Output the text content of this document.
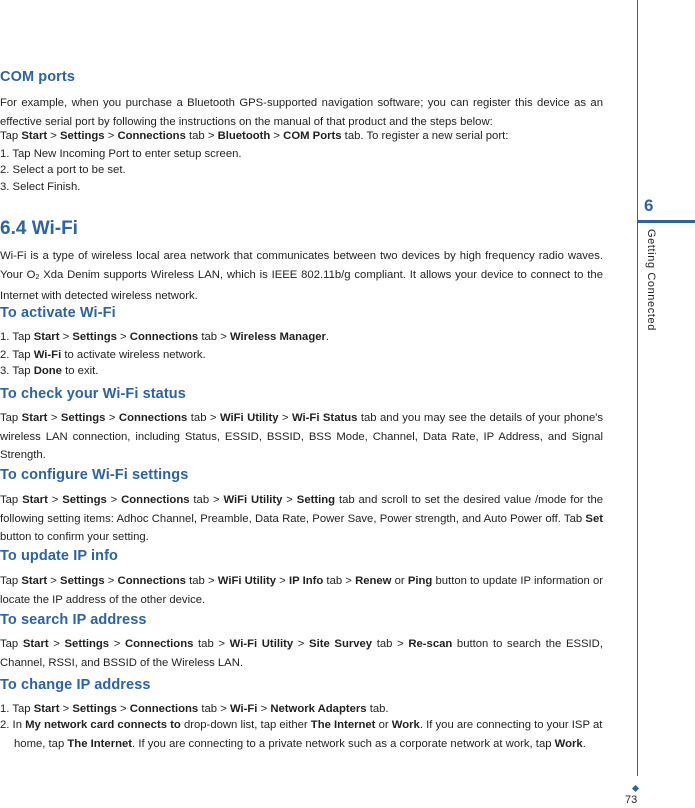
COM ports

For example, when you purchase a Bluetooth GPS-supported navigation software; you can register this device as an effective serial port by following the instructions on the manual of that product and the steps below:

Tap Start > Settings > Connections tab > Bluetooth > COM Ports tab. To register a new serial port:

1. Tap New Incoming Port to enter setup screen.

2. Select a port to be set.

3. Select Finish.

6.4 Wi-Fi

Wi-Fi is a type of wireless local area network that communicates between two devices by high frequency radio waves. Your $O_2$ Xda Denim supports Wireless LAN, which is IEEE 802.11b/g compliant. It allows your device to connect to the Internet with detected wireless network.

To activate Wi-Fi

1. Tap Start > Settings > Connections tab > Wireless Manager.

2. Tap Wi-Fi to activate wireless network.

3. Tap Done to exit.

To check your Wi-Fi status

Tap Start > Settings > Connections tab > WiFi Utility > Wi-Fi Status tab and you may see the details of your phone's wireless LAN connection, including Status, ESSID, BSSID, BSS Mode, Channel, Data Rate, IP Address, and Signal Strength.

To configure Wi-Fi settings

Tap Start > Settings > Connections tab > WiFi Utility > Setting tab and scroll to set the desired value /mode for the following setting items: Adhoc Channel, Preamble, Data Rate, Power Save, Power strength, and Auto Power off. Tab Set button to confirm your setting.

To update IP info

Tap Start > Settings > Connections tab > WiFi Utility > IP Info tab > Renew or Ping button to update IP information or locate the IP address of the other device.

To search IP address

Tap Start > Settings > Connections tab > Wi-Fi Utility > Site Survey tab > Re-scan button to search the ESSID, Channel, RSSI, and BSSID of the Wireless LAN.

To change IP address

1. Tap Start > Settings > Connections tab > Wi-Fi > Network Adapters tab.

2. In My network card connects to drop-down list, tap either The Internet or Work. If you are connecting to your ISP at home, tap The Internet. If you are connecting to a private network such as a corporate network at work, tap Work.

6
Getting Connected
73
